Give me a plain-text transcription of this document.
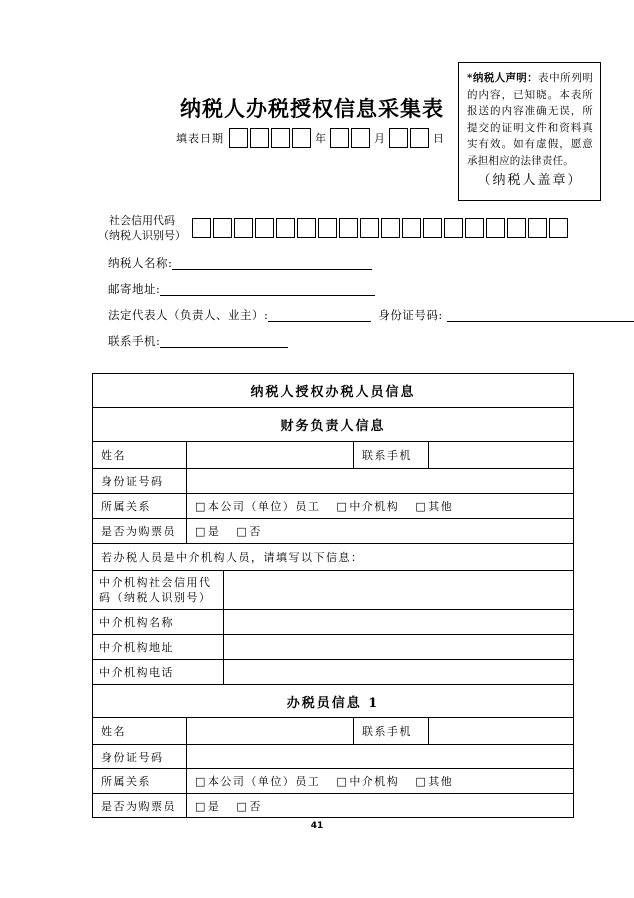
*纳税人声明：表中所列明的内容，已知晓。本表所报送的内容准确无误，所提交的证明文件和资料真实有效。如有虚假，愿意承担相应的法律责任。

（纳税人盖章）
纳税人办税授权信息采集表
填表日期	年	月	日
社会信用代码
（纳税人识别号）
纳税人名称:
邮寄地址:
法定代表人（负责人、业主）:	身份证号码:
联系手机:
纳税人授权办税人员信息
财务负责人信息
姓名	联系手机
身份证号码
所属关系	□本公司（单位）员工 □中介机构 □其他
是否为购票员	□是 □否
若办税人员是中介机构人员，请填写以下信息：
中介机构社会信用代码（纳税人识别号）
中介机构名称
中介机构地址
中介机构电话
办税员信息 1
姓名	联系手机
身份证号码
所属关系	□本公司（单位）员工 □中介机构 □其他
是否为购票员	□是 □否
41
